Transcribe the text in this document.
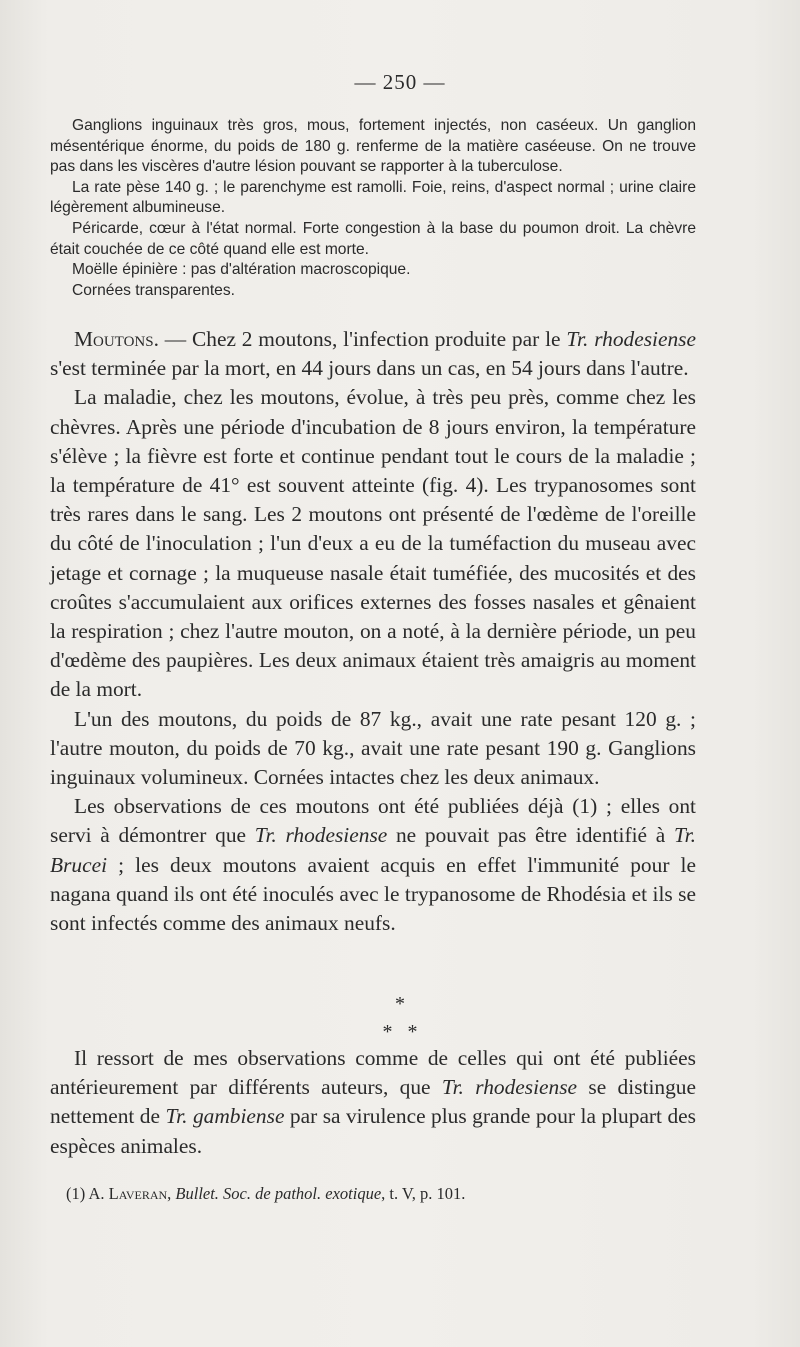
— 250 —

Ganglions inguinaux très gros, mous, fortement injectés, non caséeux. Un ganglion mésentérique énorme, du poids de 180 g. renferme de la matière caséeuse. On ne trouve pas dans les viscères d'autre lésion pouvant se rapporter à la tuberculose.

La rate pèse 140 g. ; le parenchyme est ramolli. Foie, reins, d'aspect normal ; urine claire légèrement albumineuse.

Péricarde, cœur à l'état normal. Forte congestion à la base du poumon droit. La chèvre était couchée de ce côté quand elle est morte.

Moëlle épinière : pas d'altération macroscopique.

Cornées transparentes.

Moutons. — Chez 2 moutons, l'infection produite par le Tr. rhodesiense s'est terminée par la mort, en 44 jours dans un cas, en 54 jours dans l'autre.

La maladie, chez les moutons, évolue, à très peu près, comme chez les chèvres. Après une période d'incubation de 8 jours environ, la température s'élève ; la fièvre est forte et continue pendant tout le cours de la maladie ; la température de 41° est souvent atteinte (fig. 4). Les trypanosomes sont très rares dans le sang. Les 2 moutons ont présenté de l'œdème de l'oreille du côté de l'inoculation ; l'un d'eux a eu de la tuméfaction du museau avec jetage et cornage ; la muqueuse nasale était tuméfiée, des mucosités et des croûtes s'accumulaient aux orifices externes des fosses nasales et gênaient la respiration ; chez l'autre mouton, on a noté, à la dernière période, un peu d'œdème des paupières. Les deux animaux étaient très amaigris au moment de la mort.

L'un des moutons, du poids de 87 kg., avait une rate pesant 120 g. ; l'autre mouton, du poids de 70 kg., avait une rate pesant 190 g. Ganglions inguinaux volumineux. Cornées intactes chez les deux animaux.

Les observations de ces moutons ont été publiées déjà (1) ; elles ont servi à démontrer que Tr. rhodesiense ne pouvait pas être identifié à Tr. Brucei ; les deux moutons avaient acquis en effet l'immunité pour le nagana quand ils ont été inoculés avec le trypanosome de Rhodésia et ils se sont infectés comme des animaux neufs.

*
*   *

Il ressort de mes observations comme de celles qui ont été publiées antérieurement par différents auteurs, que Tr. rhodesiense se distingue nettement de Tr. gambiense par sa virulence plus grande pour la plupart des espèces animales.

(1) A. Laveran, Bullet. Soc. de pathol. exotique, t. V, p. 101.
